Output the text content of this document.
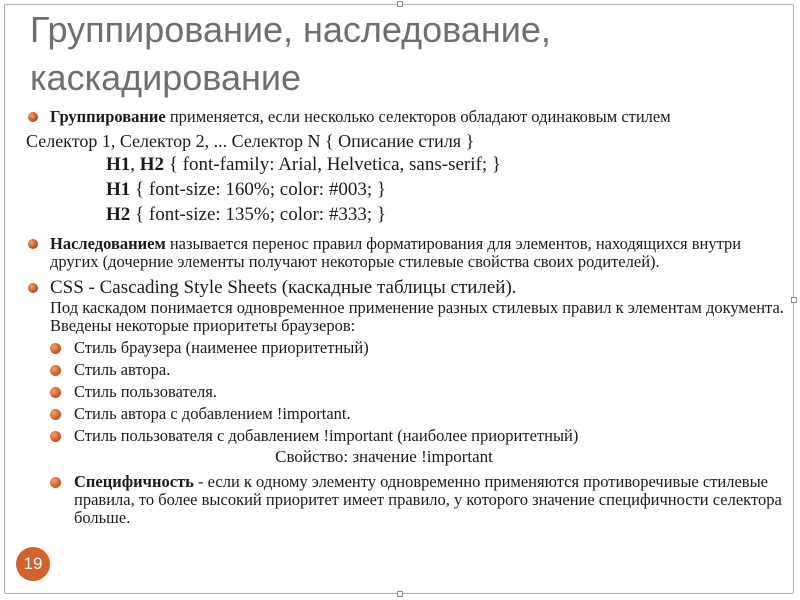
Группирование, наследование, каскадирование
Группирование применяется, если несколько селекторов обладают одинаковым стилем
Селектор 1, Селектор 2, ... Селектор N { Описание стиля }
H1, H2 { font-family: Arial, Helvetica, sans-serif; }
H1 { font-size: 160%; color: #003; }
H2 { font-size: 135%; color: #333; }
Наследованием называется перенос правил форматирования для элементов, находящихся внутри других (дочерние элементы получают некоторые стилевые свойства своих родителей).
CSS - Cascading Style Sheets (каскадные таблицы стилей).
Под каскадом понимается одновременное применение разных стилевых правил к элементам документа. Введены некоторые приоритеты браузеров:
Стиль браузера (наименее приоритетный)
Стиль автора.
Стиль пользователя.
Стиль автора с добавлением !important.
Стиль пользователя с добавлением !important (наиболее приоритетный)
Свойство: значение !important
Специфичность - если к одному элементу одновременно применяются противоречивые стилевые правила, то более высокий приоритет имеет правило, у которого значение специфичности селектора больше.
19
